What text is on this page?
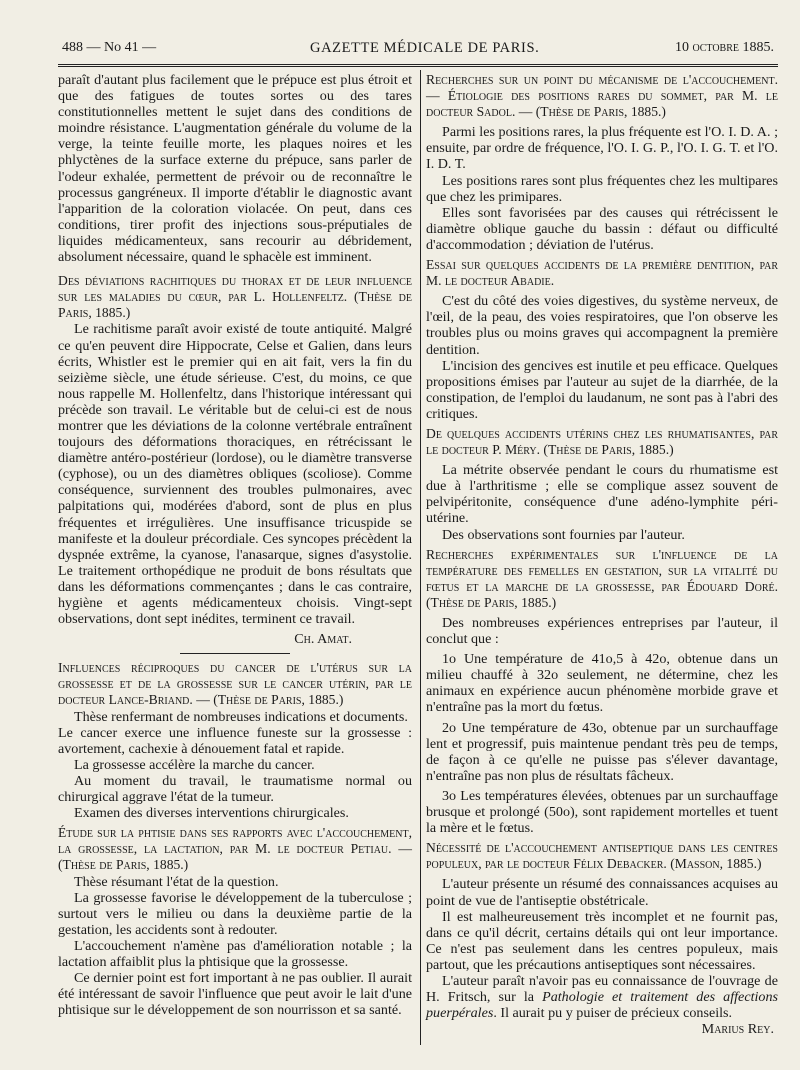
488 — No 41 —	GAZETTE MÉDICALE DE PARIS.	10 octobre 1885.

paraît d'autant plus facilement que le prépuce est plus étroit et que des fatigues de toutes sortes ou des tares constitutionnelles mettent le sujet dans des conditions de moindre résistance. L'augmentation générale du volume de la verge, la teinte feuille morte, les plaques noires et les phlyctènes de la surface externe du prépuce, sans parler de l'odeur exhalée, permettent de prévoir ou de reconnaître le processus gangréneux. Il importe d'établir le diagnostic avant l'apparition de la coloration violacée. On peut, dans ces conditions, tirer profit des injections sous-préputiales de liquides médicamenteux, sans recourir au débridement, absolument nécessaire, quand le sphacèle est imminent.

Des déviations rachitiques du thorax et de leur influence sur les maladies du cœur, par L. Hollenfeltz. (Thèse de Paris, 1885.)

Le rachitisme paraît avoir existé de toute antiquité. Malgré ce qu'en peuvent dire Hippocrate, Celse et Galien, dans leurs écrits, Whistler est le premier qui en ait fait, vers la fin du seizième siècle, une étude sérieuse. C'est, du moins, ce que nous rappelle M. Hollenfeltz, dans l'historique intéressant qui précède son travail. Le véritable but de celui-ci est de nous montrer que les déviations de la colonne vertébrale entraînent toujours des déformations thoraciques, en rétrécissant le diamètre antéro-postérieur (lordose), ou le diamètre transverse (cyphose), ou un des diamètres obliques (scoliose). Comme conséquence, surviennent des troubles pulmonaires, avec palpitations qui, modérées d'abord, sont de plus en plus fréquentes et irrégulières. Une insuffisance tricuspide se manifeste et la douleur précordiale. Ces syncopes précèdent la dyspnée extrême, la cyanose, l'anasarque, signes d'asystolie. Le traitement orthopédique ne produit de bons résultats que dans les déformations commençantes ; dans le cas contraire, hygiène et agents médicamenteux choisis. Vingt-sept observations, dont sept inédites, terminent ce travail.

Ch. Amat.

Influences réciproques du cancer de l'utérus sur la grossesse et de la grossesse sur le cancer utérin, par le docteur Lance-Briand. — (Thèse de Paris, 1885.)

Thèse renfermant de nombreuses indications et documents.

Le cancer exerce une influence funeste sur la grossesse : avortement, cachexie à dénouement fatal et rapide.

La grossesse accélère la marche du cancer.

Au moment du travail, le traumatisme normal ou chirurgical aggrave l'état de la tumeur.

Examen des diverses interventions chirurgicales.

Étude sur la phtisie dans ses rapports avec l'accouchement, la grossesse, la lactation, par M. le docteur Petiau. — (Thèse de Paris, 1885.)

Thèse résumant l'état de la question.

La grossesse favorise le développement de la tuberculose ; surtout vers le milieu ou dans la deuxième partie de la gestation, les accidents sont à redouter.

L'accouchement n'amène pas d'amélioration notable ; la lactation affaiblit plus la phtisique que la grossesse.

Ce dernier point est fort important à ne pas oublier. Il aurait été intéressant de savoir l'influence que peut avoir le lait d'une phtisique sur le développement de son nourrisson et sa santé.

Recherches sur un point du mécanisme de l'accouchement. — Étiologie des positions rares du sommet, par M. le docteur Sadol. — (Thèse de Paris, 1885.)

Parmi les positions rares, la plus fréquente est l'O. I. D. A. ; ensuite, par ordre de fréquence, l'O. I. G. P., l'O. I. G. T. et l'O. I. D. T.

Les positions rares sont plus fréquentes chez les multipares que chez les primipares.

Elles sont favorisées par des causes qui rétrécissent le diamètre oblique gauche du bassin : défaut ou difficulté d'accommodation ; déviation de l'utérus.

Essai sur quelques accidents de la première dentition, par M. le docteur Abadie.

C'est du côté des voies digestives, du système nerveux, de l'œil, de la peau, des voies respiratoires, que l'on observe les troubles plus ou moins graves qui accompagnent la première dentition.

L'incision des gencives est inutile et peu efficace. Quelques propositions émises par l'auteur au sujet de la diarrhée, de la constipation, de l'emploi du laudanum, ne sont pas à l'abri des critiques.

De quelques accidents utérins chez les rhumatisantes, par le docteur P. Méry. (Thèse de Paris, 1885.)

La métrite observée pendant le cours du rhumatisme est due à l'arthritisme ; elle se complique assez souvent de pelvipéritonite, conséquence d'une adéno-lymphite péri-utérine.

Des observations sont fournies par l'auteur.

Recherches expérimentales sur l'influence de la température des femelles en gestation, sur la vitalité du fœtus et la marche de la grossesse, par Édouard Doré. (Thèse de Paris, 1885.)

Des nombreuses expériences entreprises par l'auteur, il conclut que :

1o Une température de 41o,5 à 42o, obtenue dans un milieu chauffé à 32o seulement, ne détermine, chez les animaux en expérience aucun phénomène morbide grave et n'entraîne pas la mort du fœtus.

2o Une température de 43o, obtenue par un surchauffage lent et progressif, puis maintenue pendant très peu de temps, de façon à ce qu'elle ne puisse pas s'élever davantage, n'entraîne pas non plus de résultats fâcheux.

3o Les températures élevées, obtenues par un surchauffage brusque et prolongé (50o), sont rapidement mortelles et tuent la mère et le fœtus.

Nécessité de l'accouchement antiseptique dans les centres populeux, par le docteur Félix Debacker. (Masson, 1885.)

L'auteur présente un résumé des connaissances acquises au point de vue de l'antiseptie obstétricale.

Il est malheureusement très incomplet et ne fournit pas, dans ce qu'il décrit, certains détails qui ont leur importance. Ce n'est pas seulement dans les centres populeux, mais partout, que les précautions antiseptiques sont nécessaires.

L'auteur paraît n'avoir pas eu connaissance de l'ouvrage de H. Fritsch, sur la Pathologie et traitement des affections puerpérales. Il aurait pu y puiser de précieux conseils.

Marius Rey.
